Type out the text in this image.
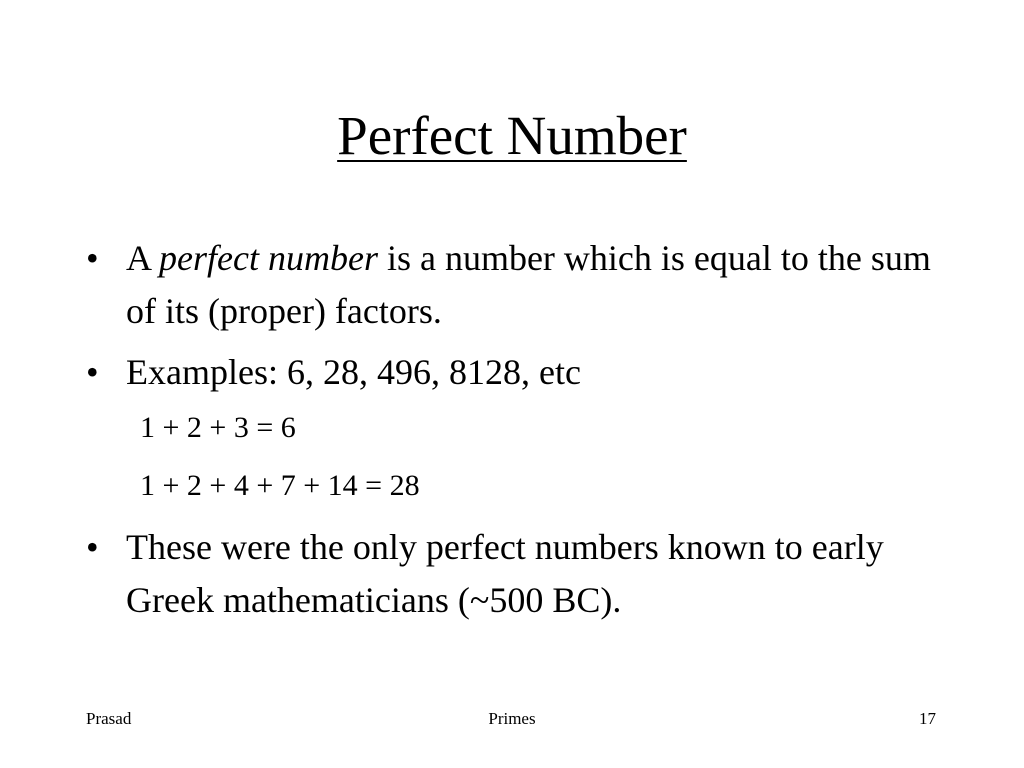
Perfect Number

• A perfect number is a number which is equal to the sum of its (proper) factors.

• Examples: 6, 28, 496, 8128, etc

1 + 2 + 3 = 6

1 + 2 + 4 + 7 + 14 = 28

• These were the only perfect numbers known to early Greek mathematicians (~500 BC).

Prasad	Primes	17
